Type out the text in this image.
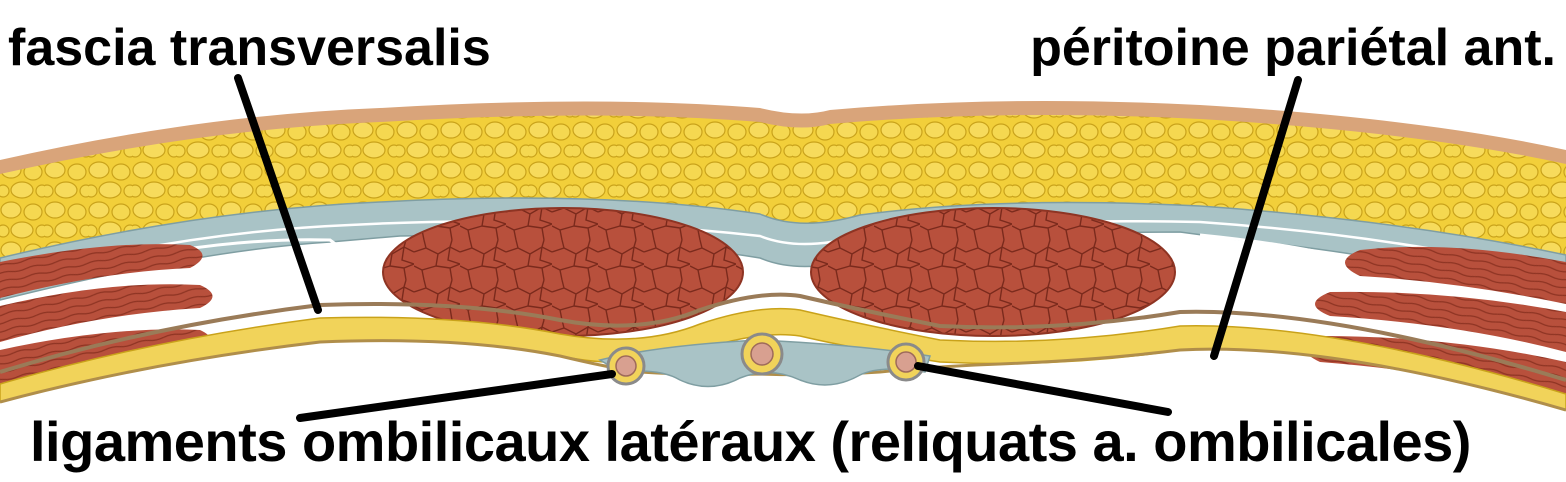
fascia transversalis	péritoine pariétal ant.
ligaments ombilicaux latéraux (reliquats a. ombilicales)
